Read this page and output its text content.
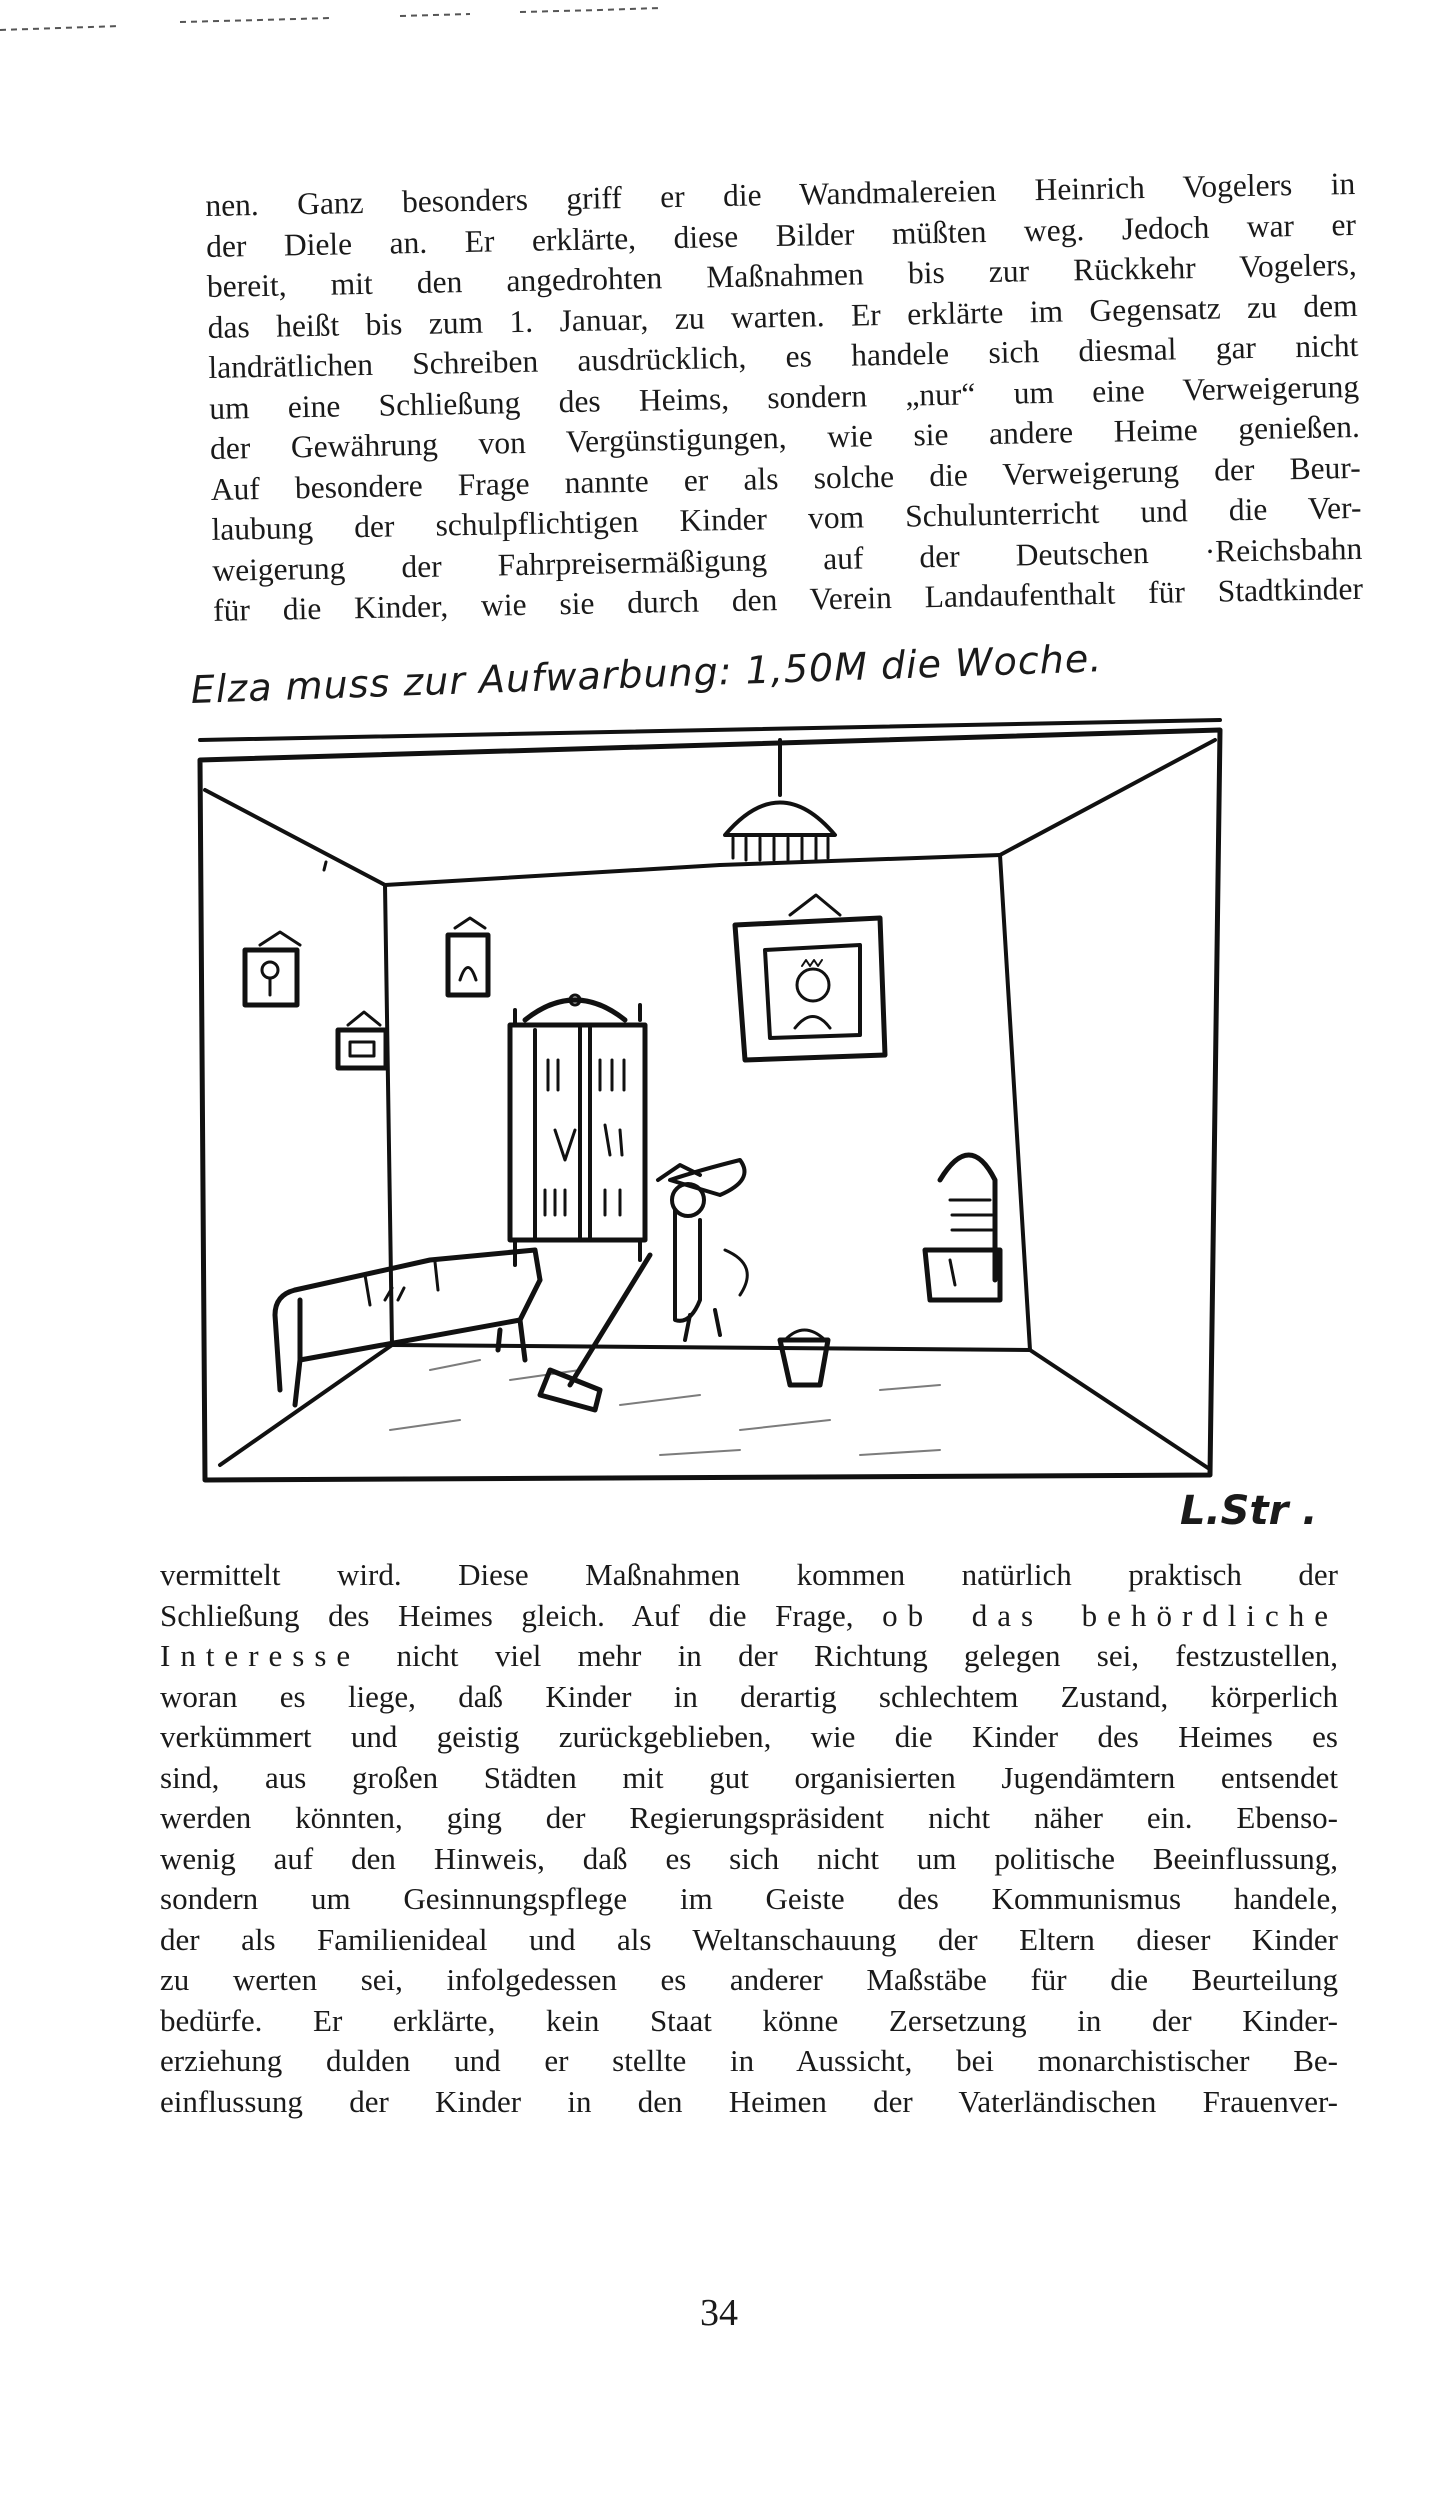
nen. Ganz besonders griff er die Wandmalereien Heinrich Vogelers in
der Diele an. Er erklärte, diese Bilder müßten weg. Jedoch war er
bereit, mit den angedrohten Maßnahmen bis zur Rückkehr Vogelers,
das heißt bis zum 1. Januar, zu warten. Er erklärte im Gegensatz zu dem
landrätlichen Schreiben ausdrücklich, es handele sich diesmal gar nicht
um eine Schließung des Heims, sondern „nur“ um eine Verweigerung
der Gewährung von Vergünstigungen, wie sie andere Heime genießen.
Auf besondere Frage nannte er als solche die Verweigerung der Beur-
laubung der schulpflichtigen Kinder vom Schulunterricht und die Ver-
weigerung der Fahrpreisermäßigung auf der Deutschen ·Reichsbahn
für die Kinder, wie sie durch den Verein Landaufenthalt für Stadtkinder
Elza muss zur Aufwarbung: 1,50M die Woche.
L.Str .
vermittelt wird. Diese Maßnahmen kommen natürlich praktisch der
Schließung des Heimes gleich. Auf die Frage, ob das behördliche
Interesse nicht viel mehr in der Richtung gelegen sei, festzustellen,
woran es liege, daß Kinder in derartig schlechtem Zustand, körperlich
verkümmert und geistig zurückgeblieben, wie die Kinder des Heimes es
sind, aus großen Städten mit gut organisierten Jugendämtern entsendet
werden könnten, ging der Regierungspräsident nicht näher ein. Ebenso-
wenig auf den Hinweis, daß es sich nicht um politische Beeinflussung,
sondern um Gesinnungspflege im Geiste des Kommunismus handele,
der als Familienideal und als Weltanschauung der Eltern dieser Kinder
zu werten sei, infolgedessen es anderer Maßstäbe für die Beurteilung
bedürfe. Er erklärte, kein Staat könne Zersetzung in der Kinder-
erziehung dulden und er stellte in Aussicht, bei monarchistischer Be-
einflussung der Kinder in den Heimen der Vaterländischen Frauenver-
34
